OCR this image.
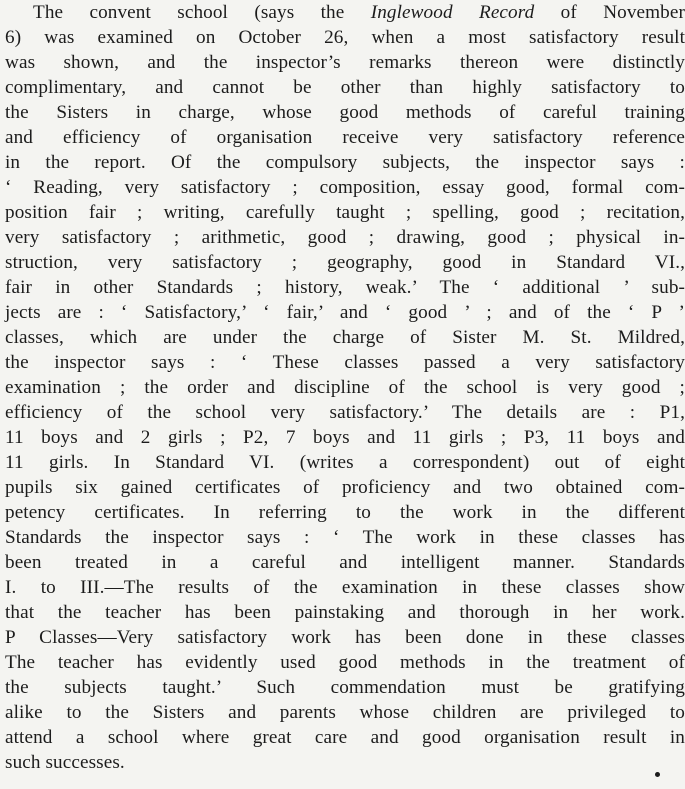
The convent school (says the Inglewood Record of November
6) was examined on October 26, when a most satisfactory result
was shown, and the inspector’s remarks thereon were distinctly
complimentary, and cannot be other than highly satisfactory to
the Sisters in charge, whose good methods of careful training
and efficiency of organisation receive very satisfactory reference
in the report. Of the compulsory subjects, the inspector says :
‘ Reading, very satisfactory ; composition, essay good, formal com-
position fair ; writing, carefully taught ; spelling, good ; recitation,
very satisfactory ; arithmetic, good ; drawing, good ; physical in-
struction, very satisfactory ; geography, good in Standard VI.,
fair in other Standards ; history, weak.’ The ‘ additional ’ sub-
jects are : ‘ Satisfactory,’ ‘ fair,’ and ‘ good ’ ; and of the ‘ P ’
classes, which are under the charge of Sister M. St. Mildred,
the inspector says : ‘ These classes passed a very satisfactory
examination ; the order and discipline of the school is very good ;
efficiency of the school very satisfactory.’ The details are : P1,
11 boys and 2 girls ; P2, 7 boys and 11 girls ; P3, 11 boys and
11 girls. In Standard VI. (writes a correspondent) out of eight
pupils six gained certificates of proficiency and two obtained com-
petency certificates. In referring to the work in the different
Standards the inspector says : ‘ The work in these classes has
been treated in a careful and intelligent manner. Standards
I. to III.—The results of the examination in these classes show
that the teacher has been painstaking and thorough in her work.
P Classes—Very satisfactory work has been done in these classes
The teacher has evidently used good methods in the treatment of
the subjects taught.’ Such commendation must be gratifying
alike to the Sisters and parents whose children are privileged to
attend a school where great care and good organisation result in
such successes.
